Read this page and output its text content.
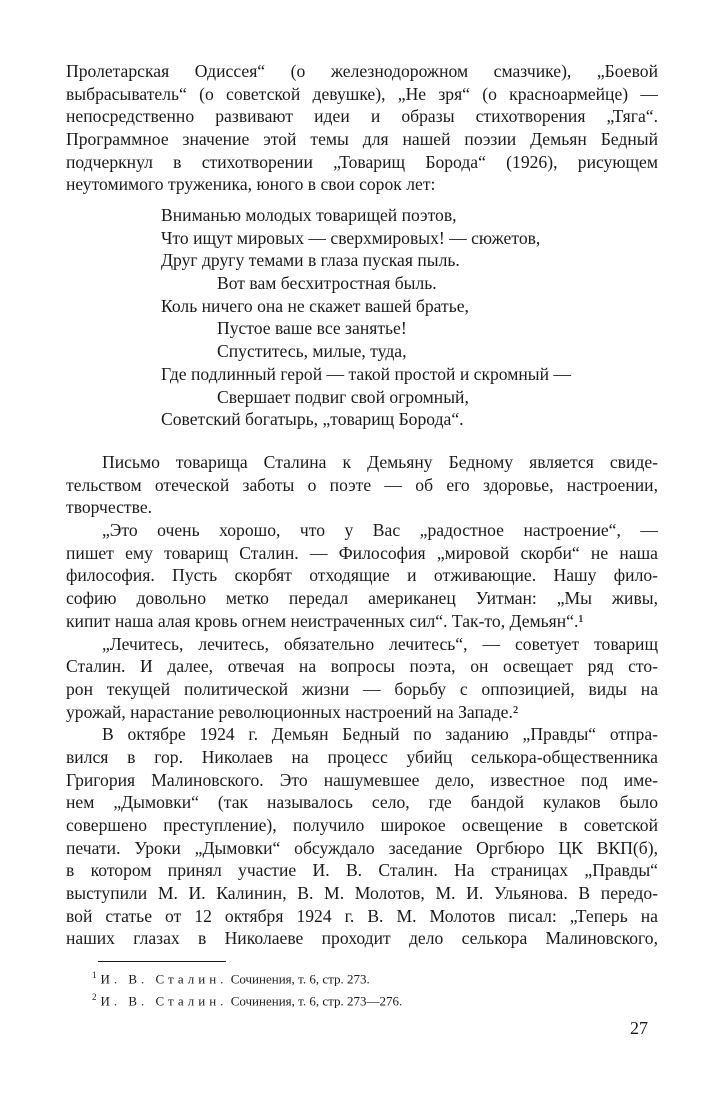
Пролетарская Одиссея“ (о железнодорожном смазчике), „Боевой
выбрасыватель“ (о советской девушке), „Не зря“ (о красноармейце) —
непосредственно развивают идеи и образы стихотворения „Тяга“.
Программное значение этой темы для нашей поэзии Демьян Бедный
подчеркнул в стихотворении „Товарищ Борода“ (1926), рисующем
неутомимого труженика, юного в свои сорок лет:
Вниманью молодых товарищей поэтов,
Что ищут мировых — сверхмировых! — сюжетов,
Друг другу темами в глаза пуская пыль.
Вот вам бесхитростная быль.
Коль ничего она не скажет вашей братье,
Пустое ваше все занятье!
Спуститесь, милые, туда,
Где подлинный герой — такой простой и скромный —
Свершает подвиг свой огромный,
Советский богатырь, „товарищ Борода“.
Письмо товарища Сталина к Демьяну Бедному является свиде-
тельством отеческой заботы о поэте — об его здоровье, настроении,
творчестве.
„Это очень хорошо, что у Вас „радостное настроение“, —
пишет ему товарищ Сталин. — Философия „мировой скорби“ не наша
философия. Пусть скорбят отходящие и отживающие. Нашу фило-
софию довольно метко передал американец Уитман: „Мы живы,
кипит наша алая кровь огнем неистраченных сил“. Так-то, Демьян“.¹
„Лечитесь, лечитесь, обязательно лечитесь“, — советует товарищ
Сталин. И далее, отвечая на вопросы поэта, он освещает ряд сто-
рон текущей политической жизни — борьбу с оппозицией, виды на
урожай, нарастание революционных настроений на Западе.²
В октябре 1924 г. Демьян Бедный по заданию „Правды“ отпра-
вился в гор. Николаев на процесс убийц селькора-общественника
Григория Малиновского. Это нашумевшее дело, известное под име-
нем „Дымовки“ (так называлось село, где бандой кулаков было
совершено преступление), получило широкое освещение в советской
печати. Уроки „Дымовки“ обсуждало заседание Оргбюро ЦК ВКП(б),
в котором принял участие И. В. Сталин. На страницах „Правды“
выступили М. И. Калинин, В. М. Молотов, М. И. Ульянова. В передо-
вой статье от 12 октября 1924 г. В. М. Молотов писал: „Теперь на
наших глазах в Николаеве проходит дело селькора Малиновского,
$^1$ И. В. Сталин. Сочинения, т. 6, стр. 273.
$^2$ И. В. Сталин. Сочинения, т. 6, стр. 273—276.
27
